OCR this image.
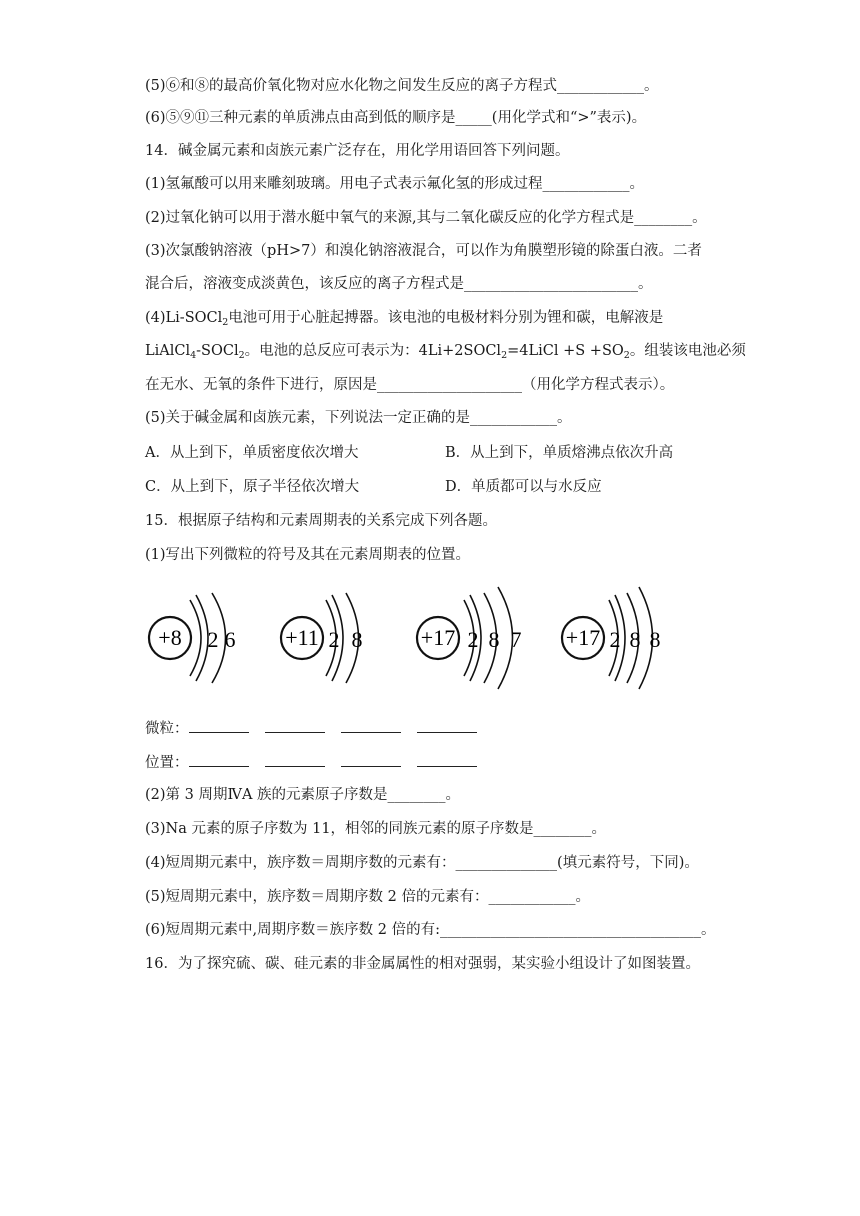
(5)⑥和⑧的最高价氧化物对应水化物之间发生反应的离子方程式____________。
(6)⑤⑨⑪三种元素的单质沸点由高到低的顺序是_____(用化学式和“>”表示)。
14．碱金属元素和卤族元素广泛存在，用化学用语回答下列问题。
(1)氢氟酸可以用来雕刻玻璃。用电子式表示氟化氢的形成过程____________。
(2)过氧化钠可以用于潜水艇中氧气的来源,其与二氧化碳反应的化学方程式是________。
(3)次氯酸钠溶液（pH>7）和溴化钠溶液混合，可以作为角膜塑形镜的除蛋白液。二者
混合后，溶液变成淡黄色，该反应的离子方程式是________________________。
(4)Li-SOCl$_2$电池可用于心脏起搏器。该电池的电极材料分别为锂和碳，电解液是
LiAlCl$_4$-SOCl$_2$。电池的总反应可表示为：4Li+2SOCl$_2$=4LiCl $+S +SO_2$。组装该电池必须
在无水、无氧的条件下进行，原因是____________________（用化学方程式表示）。
(5)关于碱金属和卤族元素，下列说法一定正确的是____________。
A．从上到下，单质密度依次增大	B．从上到下，单质熔沸点依次升高
C．从上到下，原子半径依次增大	D．单质都可以与水反应
15．根据原子结构和元素周期表的关系完成下列各题。
(1)写出下列微粒的符号及其在元素周期表的位置。
+8 2 6 +11 2 8	+17 2 8 7 +17 2 8 8
微粒：
位置：
(2)第 3 周期ⅣA 族的元素原子序数是________。
(3)Na 元素的原子序数为 11，相邻的同族元素的原子序数是________。
(4)短周期元素中，族序数＝周期序数的元素有：______________(填元素符号，下同)。
(5)短周期元素中，族序数＝周期序数 2 倍的元素有：____________。
(6)短周期元素中,周期序数＝族序数 2 倍的有:____________________________________。
16．为了探究硫、碳、硅元素的非金属属性的相对强弱，某实验小组设计了如图装置。
